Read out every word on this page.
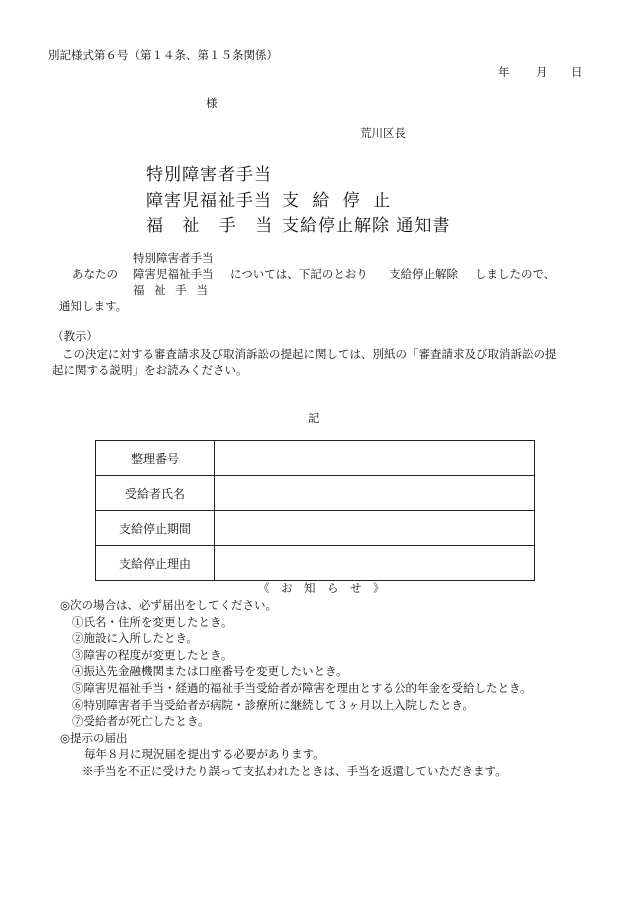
別記様式第６号（第１４条、第１５条関係）
年 月 日
様
荒川区長
特別障害者手当
障害児福祉手当 支 給 停 止
福 祉 手 当 支給停止解除 通知書
特別障害者手当
あなたの 障害児福祉手当 については、下記のとおり 支給停止解除 しましたので、
福 祉 手 当
通知します。
（教示）
この決定に対する審査請求及び取消訴訟の提起に関しては、別紙の「審査請求及び取消訴訟の提
起に関する説明」をお読みください。
記
整理番号	
受給者氏名	
支給停止期間	
支給停止理由	
《　お　知　ら　せ　》
◎次の場合は、必ず届出をしてください。
①氏名・住所を変更したとき。
②施設に入所したとき。
③障害の程度が変更したとき。
④振込先金融機関または口座番号を変更したいとき。
⑤障害児福祉手当・経過的福祉手当受給者が障害を理由とする公的年金を受給したとき。
⑥特別障害者手当受給者が病院・診療所に継続して３ヶ月以上入院したとき。
⑦受給者が死亡したとき。
◎提示の届出
毎年８月に現況届を提出する必要があります。
※手当を不正に受けたり誤って支払われたときは、手当を返還していただきます。
